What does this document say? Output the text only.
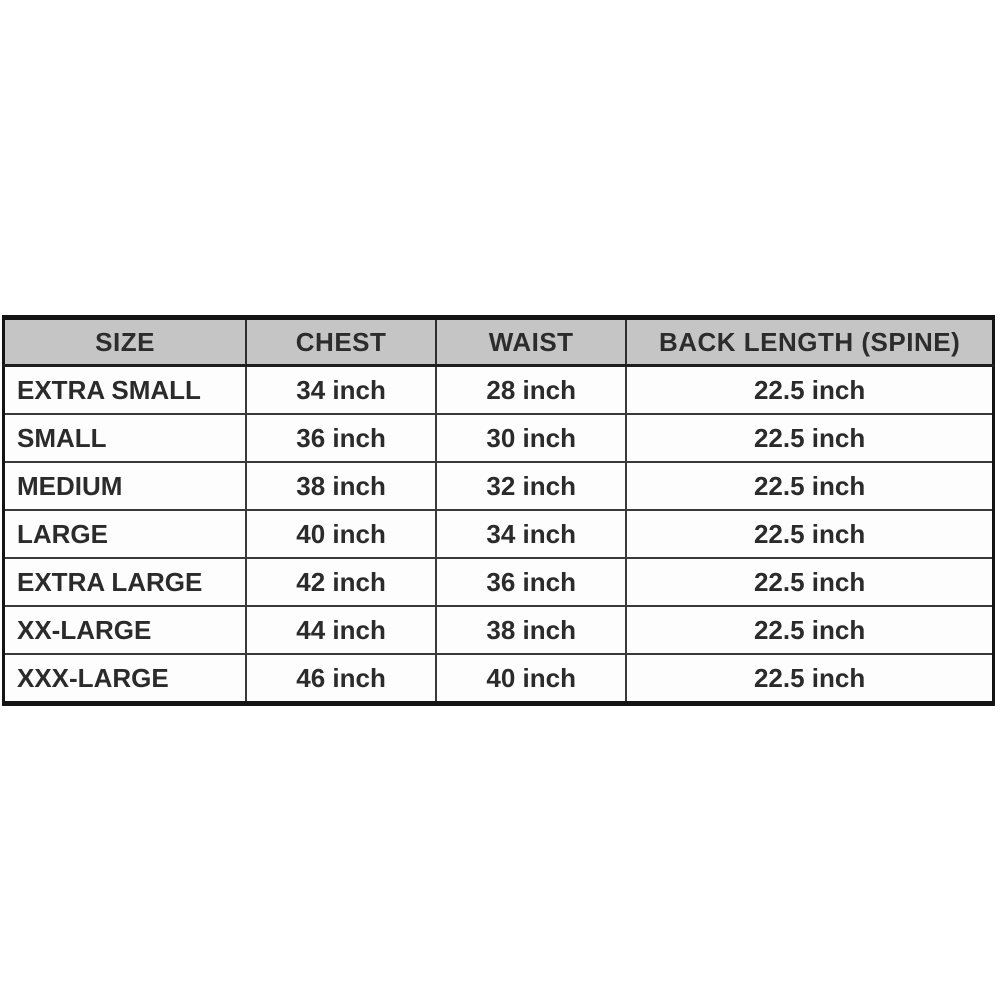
SIZE	CHEST	WAIST	BACK LENGTH (SPINE)
EXTRA SMALL	34 inch	28 inch	22.5 inch
SMALL	36 inch	30 inch	22.5 inch
MEDIUM	38 inch	32 inch	22.5 inch
LARGE	40 inch	34 inch	22.5 inch
EXTRA LARGE	42 inch	36 inch	22.5 inch
XX-LARGE	44 inch	38 inch	22.5 inch
XXX-LARGE	46 inch	40 inch	22.5 inch
